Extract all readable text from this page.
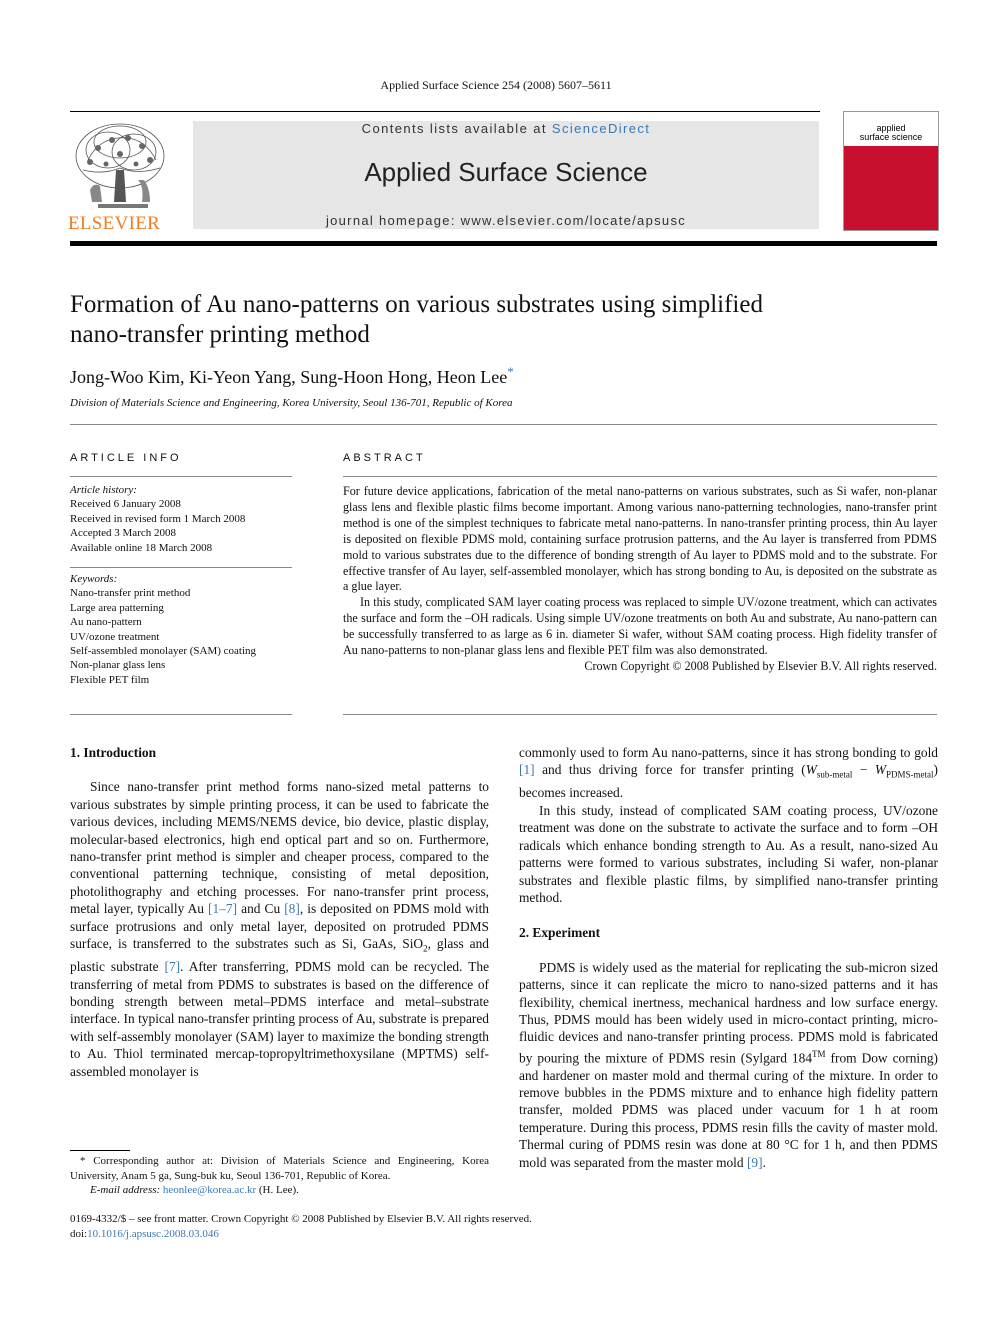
Applied Surface Science 254 (2008) 5607–5611
ELSEVIER
Contents lists available at ScienceDirect
Applied Surface Science
journal homepage: www.elsevier.com/locate/apsusc
applied
surface science
Formation of Au nano-patterns on various substrates using simplified
nano-transfer printing method
Jong-Woo Kim, Ki-Yeon Yang, Sung-Hoon Hong, Heon Lee*
Division of Materials Science and Engineering, Korea University, Seoul 136-701, Republic of Korea
ARTICLE INFO
Article history:
Received 6 January 2008
Received in revised form 1 March 2008
Accepted 3 March 2008
Available online 18 March 2008
Keywords:
Nano-transfer print method
Large area patterning
Au nano-pattern
UV/ozone treatment
Self-assembled monolayer (SAM) coating
Non-planar glass lens
Flexible PET film
ABSTRACT

For future device applications, fabrication of the metal nano-patterns on various substrates, such as Si wafer, non-planar glass lens and flexible plastic films become important. Among various nano-patterning technologies, nano-transfer print method is one of the simplest techniques to fabricate metal nano-patterns. In nano-transfer printing process, thin Au layer is deposited on flexible PDMS mold, containing surface protrusion patterns, and the Au layer is transferred from PDMS mold to various substrates due to the difference of bonding strength of Au layer to PDMS mold and to the substrate. For effective transfer of Au layer, self-assembled monolayer, which has strong bonding to Au, is deposited on the substrate as a glue layer.

In this study, complicated SAM layer coating process was replaced to simple UV/ozone treatment, which can activates the surface and form the –OH radicals. Using simple UV/ozone treatments on both Au and substrate, Au nano-pattern can be successfully transferred to as large as 6 in. diameter Si wafer, without SAM coating process. High fidelity transfer of Au nano-patterns to non-planar glass lens and flexible PET film was also demonstrated.

Crown Copyright © 2008 Published by Elsevier B.V. All rights reserved.

1. Introduction

Since nano-transfer print method forms nano-sized metal patterns to various substrates by simple printing process, it can be used to fabricate the various devices, including MEMS/NEMS device, bio device, plastic display, molecular-based electronics, high end optical part and so on. Furthermore, nano-transfer print method is simpler and cheaper process, compared to the conventional patterning technique, consisting of metal deposition, photolithography and etching processes. For nano-transfer print process, metal layer, typically Au [1–7] and Cu [8], is deposited on PDMS mold with surface protrusions and only metal layer, deposited on protruded PDMS surface, is transferred to the substrates such as Si, GaAs, SiO$_2$, glass and plastic substrate [7]. After transferring, PDMS mold can be recycled. The transferring of metal from PDMS to substrates is based on the difference of bonding strength between metal–PDMS interface and metal–substrate interface. In typical nano-transfer printing process of Au, substrate is prepared with self-assembly monolayer (SAM) layer to maximize the bonding strength to Au. Thiol terminated mercap-topropyltrimethoxysilane (MPTMS) self-assembled monolayer is

* Corresponding author at: Division of Materials Science and Engineering, Korea University, Anam 5 ga, Sung-buk ku, Seoul 136-701, Republic of Korea.

E-mail address: heonlee@korea.ac.kr (H. Lee).

commonly used to form Au nano-patterns, since it has strong bonding to gold [1] and thus driving force for transfer printing $(W_{sub-metal} - W_{PDMS-metal})$ becomes increased.

In this study, instead of complicated SAM coating process, UV/ozone treatment was done on the substrate to activate the surface and to form –OH radicals which enhance bonding strength to Au. As a result, nano-sized Au patterns were formed to various substrates, including Si wafer, non-planar substrates and flexible plastic films, by simplified nano-transfer printing method.

2. Experiment

PDMS is widely used as the material for replicating the sub-micron sized patterns, since it can replicate the micro to nano-sized patterns and it has flexibility, chemical inertness, mechanical hardness and low surface energy. Thus, PDMS mould has been widely used in micro-contact printing, micro-fluidic devices and nano-transfer printing process. PDMS mold is fabricated by pouring the mixture of PDMS resin (Sylgard 184™ from Dow corning) and hardener on master mold and thermal curing of the mixture. In order to remove bubbles in the PDMS mixture and to enhance high fidelity pattern transfer, molded PDMS was placed under vacuum for 1 h at room temperature. During this process, PDMS resin fills the cavity of master mold. Thermal curing of PDMS resin was done at 80 °C for 1 h, and then PDMS mold was separated from the master mold [9].

0169-4332/$ – see front matter. Crown Copyright © 2008 Published by Elsevier B.V. All rights reserved.
doi:10.1016/j.apsusc.2008.03.046
